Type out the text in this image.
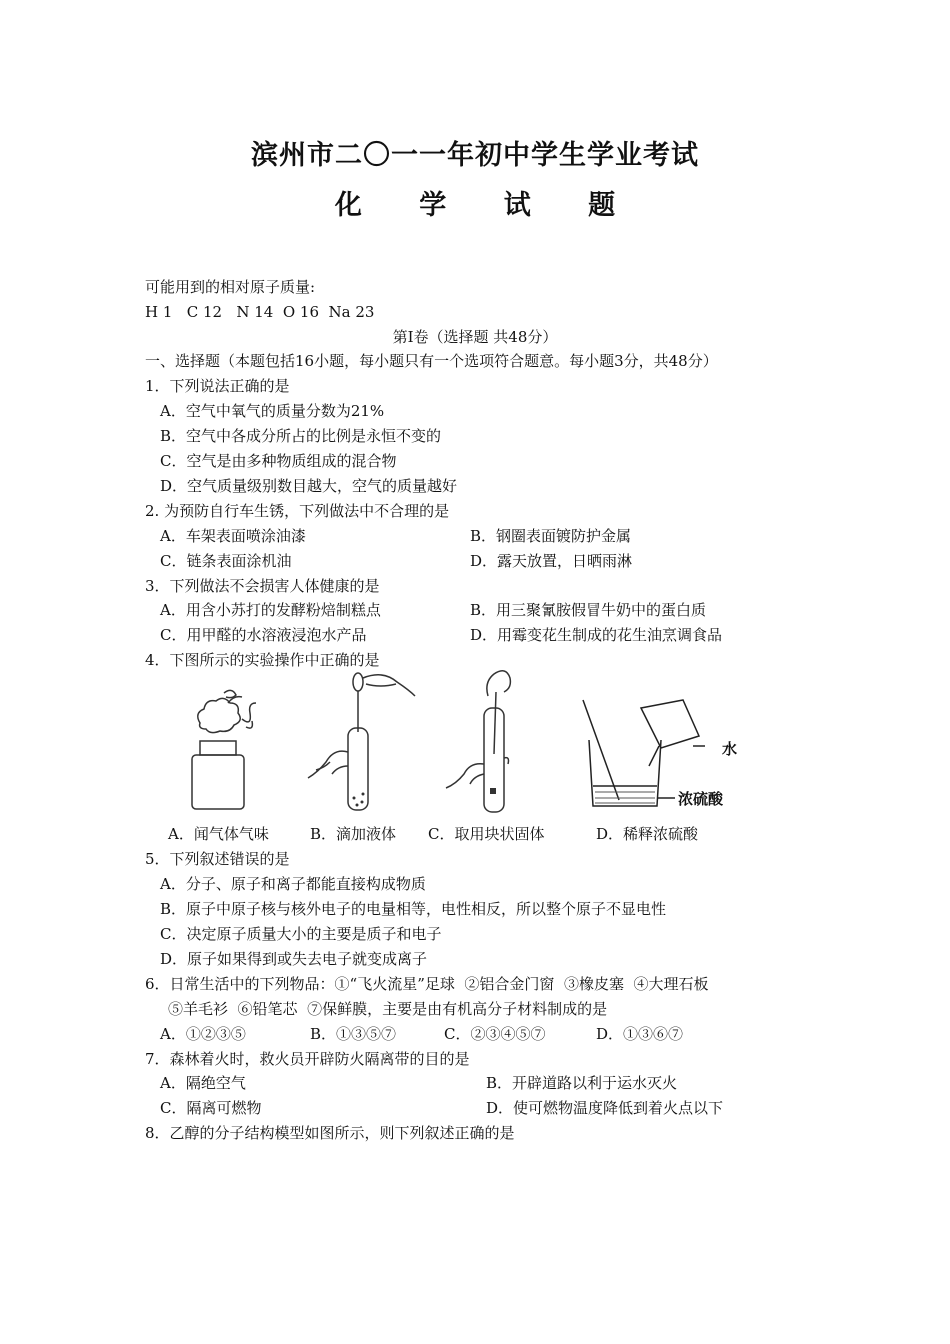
滨州市二〇一一年初中学生学业考试
化 学 试 题
可能用到的相对原子质量:
H 1   C 12   N 14  O 16  Na 23
第Ⅰ卷（选择题 共48分）
一、选择题（本题包括16小题，每小题只有一个选项符合题意。每小题3分，共48分）
1．下列说法正确的是
A．空气中氧气的质量分数为21%
B．空气中各成分所占的比例是永恒不变的
C．空气是由多种物质组成的混合物
D．空气质量级别数目越大，空气的质量越好
2. 为预防自行车生锈，下列做法中不合理的是
A．车架表面喷涂油漆	B．钢圈表面镀防护金属
C．链条表面涂机油	D．露天放置，日晒雨淋
3．下列做法不会损害人体健康的是
A．用含小苏打的发酵粉焙制糕点	B．用三聚氰胺假冒牛奶中的蛋白质
C．用甲醛的水溶液浸泡水产品	D．用霉变花生制成的花生油烹调食品
4．下图所示的实验操作中正确的是
水
浓硫酸
A．闻气体气味	B．滴加液体 C．取用块状固体	D．稀释浓硫酸
5．下列叙述错误的是
A．分子、原子和离子都能直接构成物质
B．原子中原子核与核外电子的电量相等，电性相反，所以整个原子不显电性
C．决定原子质量大小的主要是质子和电子
D．原子如果得到或失去电子就变成离子
6．日常生活中的下列物品：①“飞火流星”足球  ②铝合金门窗  ③橡皮塞  ④大理石板
⑤羊毛衫  ⑥铅笔芯  ⑦保鲜膜，主要是由有机高分子材料制成的是
A．①②③⑤	B．①③⑤⑦	C．②③④⑤⑦	D．①③⑥⑦
7．森林着火时，救火员开辟防火隔离带的目的是
A．隔绝空气	B．开辟道路以利于运水灭火
C．隔离可燃物	D．使可燃物温度降低到着火点以下
8．乙醇的分子结构模型如图所示，则下列叙述正确的是
